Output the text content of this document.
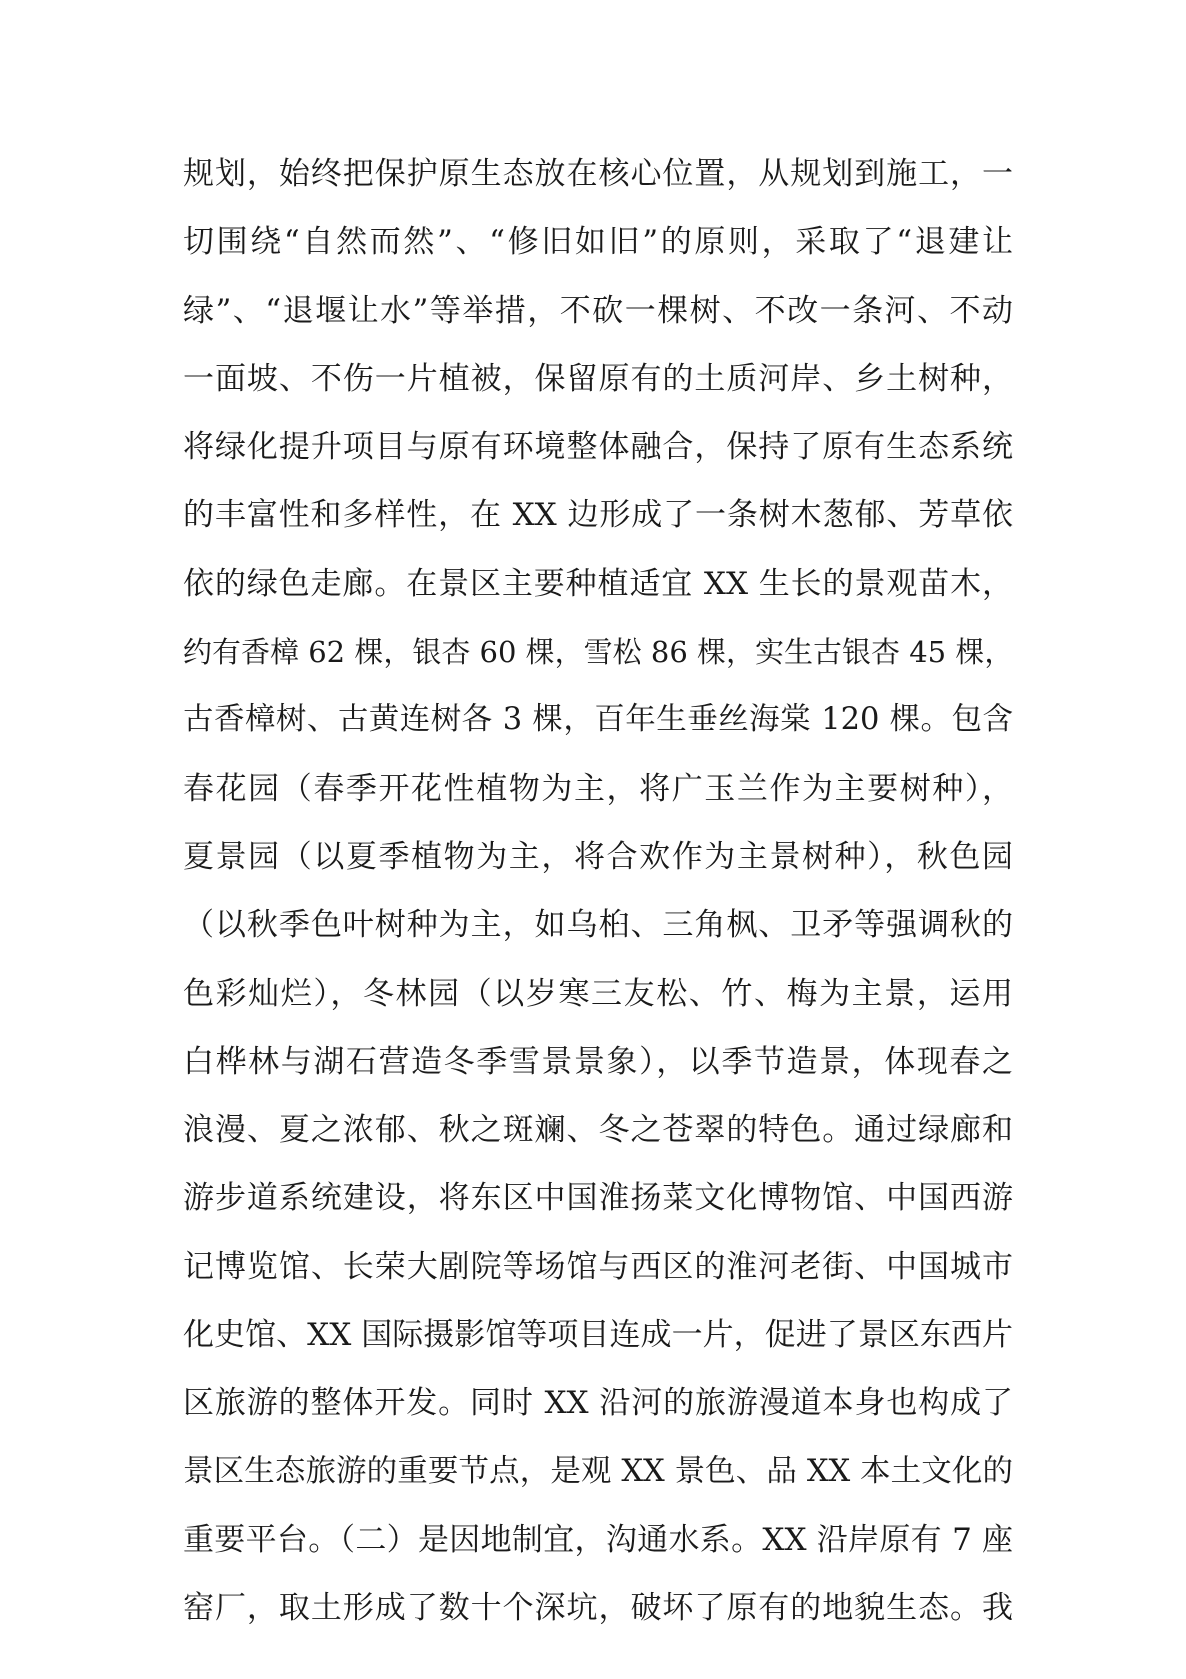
规划，始终把保护原生态放在核心位置，从规划到施工，一
切围绕“自然而然”、“修旧如旧”的原则，采取了“退建让
绿”、“退堰让水”等举措，不砍一棵树、不改一条河、不动
一面坡、不伤一片植被，保留原有的土质河岸、乡土树种，
将绿化提升项目与原有环境整体融合，保持了原有生态系统
的丰富性和多样性，在 XX 边形成了一条树木葱郁、芳草依
依的绿色走廊。在景区主要种植适宜 XX 生长的景观苗木，
约有香樟 62 棵，银杏 60 棵，雪松 86 棵，实生古银杏 45 棵，
古香樟树、古黄连树各 3 棵，百年生垂丝海棠 120 棵。包含
春花园（春季开花性植物为主，将广玉兰作为主要树种），
夏景园（以夏季植物为主，将合欢作为主景树种），秋色园
（以秋季色叶树种为主，如乌桕、三角枫、卫矛等强调秋的
色彩灿烂），冬林园（以岁寒三友松、竹、梅为主景，运用
白桦林与湖石营造冬季雪景景象），以季节造景，体现春之
浪漫、夏之浓郁、秋之斑斓、冬之苍翠的特色。通过绿廊和
游步道系统建设，将东区中国淮扬菜文化博物馆、中国西游
记博览馆、长荣大剧院等场馆与西区的淮河老街、中国城市
化史馆、XX 国际摄影馆等项目连成一片，促进了景区东西片
区旅游的整体开发。同时 XX 沿河的旅游漫道本身也构成了
景区生态旅游的重要节点，是观 XX 景色、品 XX 本土文化的
重要平台。（二）是因地制宜，沟通水系。XX 沿岸原有 7 座
窑厂，取土形成了数十个深坑，破坏了原有的地貌生态。我
